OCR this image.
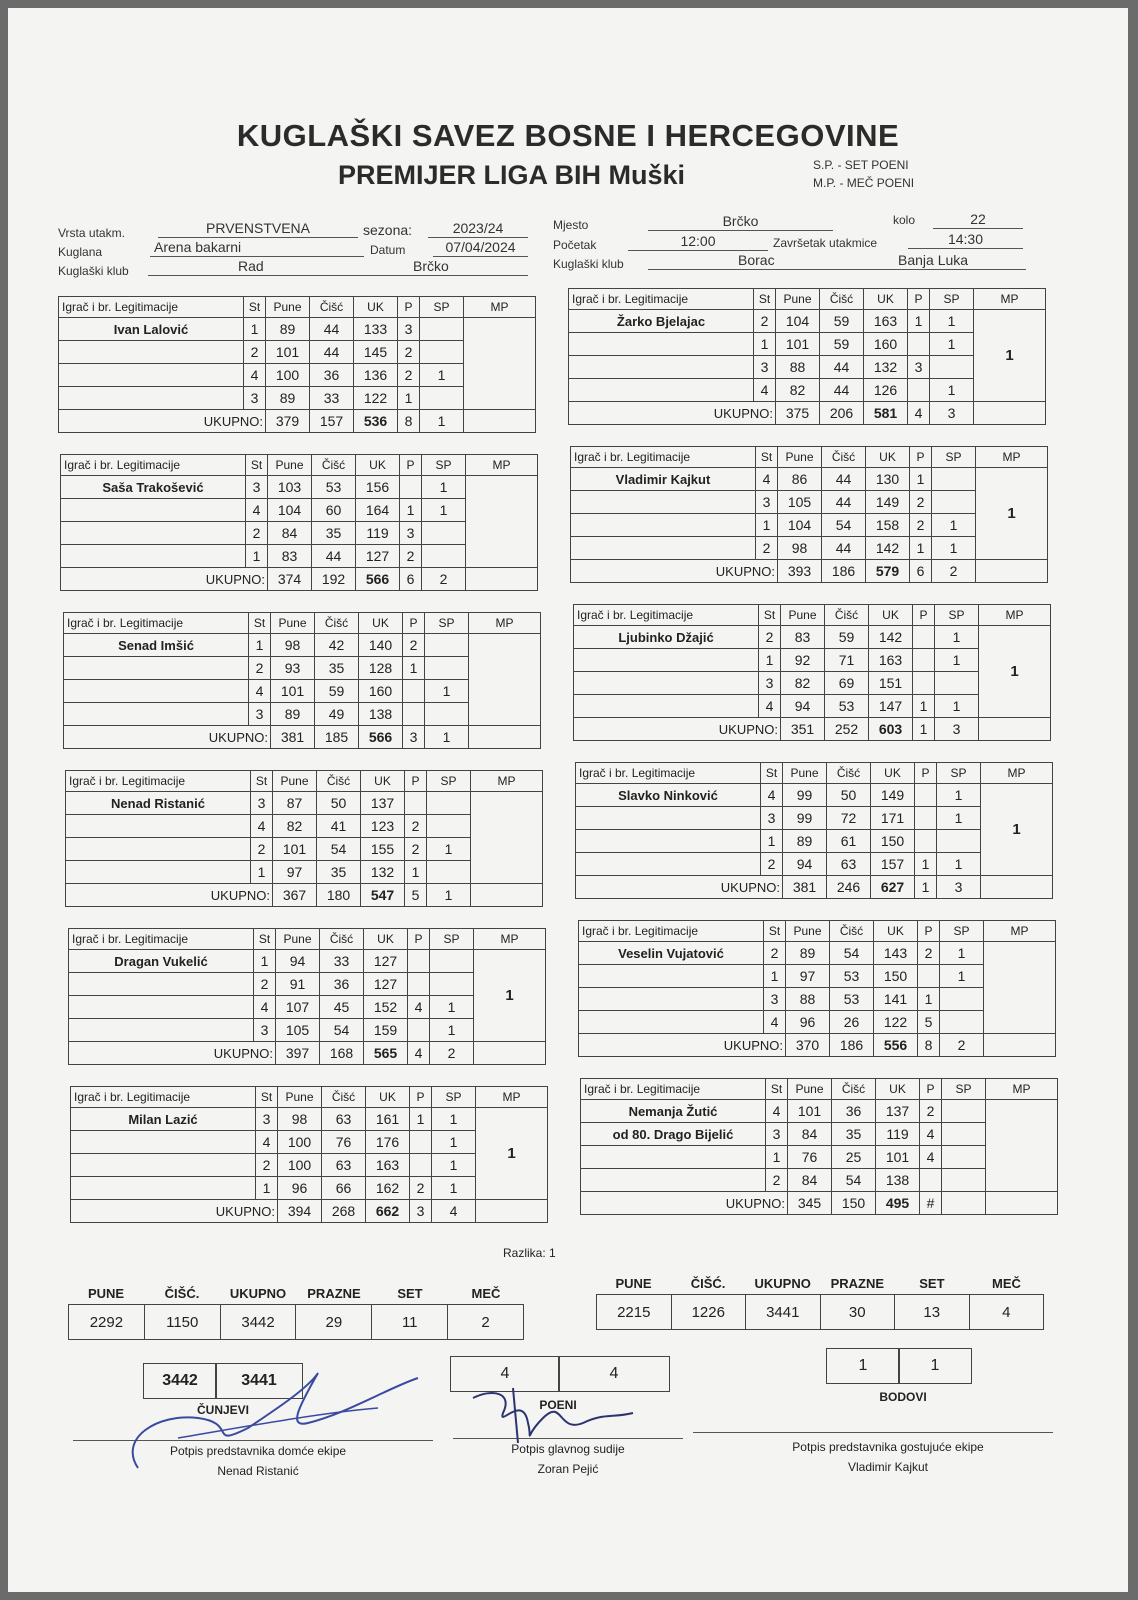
KUGLAŠKI SAVEZ BOSNE I HERCEGOVINE
PREMIJER LIGA BIH Muški	S.P. - SET POENI
M.P. - MEČ POENI
Vrsta utakm.	PRVENSTVENA	sezona:	2023/24
Kuglana	Arena bakarni	Datum	07/04/2024
Kuglaški klub	Rad	Brčko
Mjesto	Brčko	kolo	22
Početak	12:00	Završetak utakmice	14:30
Kuglaški klub	Borac	Banja Luka
Igrač i br. Legitimacije	St	Pune	Čišć	UK	P	SP	MP
Ivan Lalović	1	89	44	133	3		
	2	101	44	145	2		
	4	100	36	136	2	1	
	3	89	33	122	1		
UKUPNO:		379	157	536	8	1	
Igrač i br. Legitimacije	St	Pune	Čišć	UK	P	SP	MP
Žarko Bjelajac	2	104	59	163	1	1	1
	1	101	59	160		1	
	3	88	44	132	3		
	4	82	44	126		1	
UKUPNO:		375	206	581	4	3	
Igrač i br. Legitimacije	St	Pune	Čišć	UK	P	SP	MP
Saša Trakošević	3	103	53	156		1	
	4	104	60	164	1	1	
	2	84	35	119	3		
	1	83	44	127	2		
UKUPNO:		374	192	566	6	2	
Igrač i br. Legitimacije	St	Pune	Čišć	UK	P	SP	MP
Vladimir Kajkut	4	86	44	130	1		1
	3	105	44	149	2		
	1	104	54	158	2	1	
	2	98	44	142	1	1	
UKUPNO:		393	186	579	6	2	
Igrač i br. Legitimacije	St	Pune	Čišć	UK	P	SP	MP
Senad Imšić	1	98	42	140	2		
	2	93	35	128	1		
	4	101	59	160		1	
	3	89	49	138			
UKUPNO:		381	185	566	3	1	
Igrač i br. Legitimacije	St	Pune	Čišć	UK	P	SP	MP
Ljubinko Džajić	2	83	59	142		1	1
	1	92	71	163		1	
	3	82	69	151			
	4	94	53	147	1	1	
UKUPNO:		351	252	603	1	3	
Igrač i br. Legitimacije	St	Pune	Čišć	UK	P	SP	MP
Nenad Ristanić	3	87	50	137			
	4	82	41	123	2		
	2	101	54	155	2	1	
	1	97	35	132	1		
UKUPNO:		367	180	547	5	1	
Igrač i br. Legitimacije	St	Pune	Čišć	UK	P	SP	MP
Slavko Ninković	4	99	50	149		1	1
	3	99	72	171		1	
	1	89	61	150			
	2	94	63	157	1	1	
UKUPNO:		381	246	627	1	3	
Igrač i br. Legitimacije	St	Pune	Čišć	UK	P	SP	MP
Dragan Vukelić	1	94	33	127			1
	2	91	36	127			
	4	107	45	152	4	1	
	3	105	54	159		1	
UKUPNO:		397	168	565	4	2	
Igrač i br. Legitimacije	St	Pune	Čišć	UK	P	SP	MP
Veselin Vujatović	2	89	54	143	2	1	
	1	97	53	150		1	
	3	88	53	141	1		
	4	96	26	122	5		
UKUPNO:		370	186	556	8	2	
Igrač i br. Legitimacije	St	Pune	Čišć	UK	P	SP	MP
Milan Lazić	3	98	63	161	1	1	1
	4	100	76	176		1	
	2	100	63	163		1	
	1	96	66	162	2	1	
UKUPNO:		394	268	662	3	4	
Igrač i br. Legitimacije	St	Pune	Čišć	UK	P	SP	MP
Nemanja Žutić	4	101	36	137	2		
od 80. Drago Bijelić	3	84	35	119	4		
	1	76	25	101	4		
	2	84	54	138			
UKUPNO:		345	150	495	#		
Razlika: 1
PUNE	ČIŠĆ.	UKUPNO	PRAZNE	SET	MEČ
2292	1150	3442	29	11	2
PUNE	ČIŠĆ.	UKUPNO	PRAZNE	SET	MEČ
2215	1226	3441	30	13	4
3442	3441
ČUNJEVI
4	4
POENI
1	1
BODOVI
Potpis predstavnika domće ekipe
Nenad Ristanić
Potpis glavnog sudije
Zoran Pejić
Potpis predstavnika gostujuće ekipe
Vladimir Kajkut
